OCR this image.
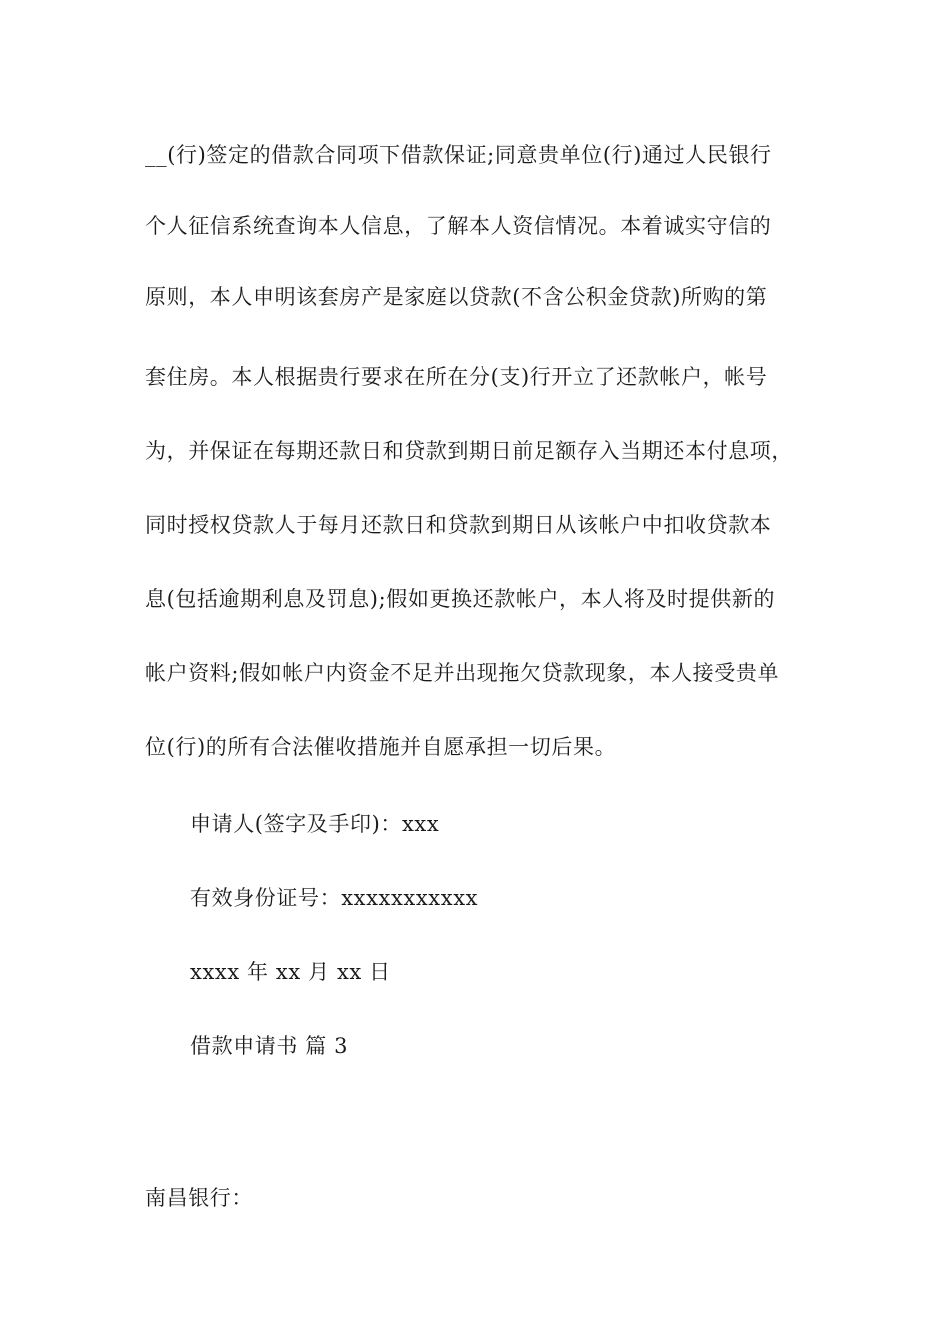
__(行)签定的借款合同项下借款保证;同意贵单位(行)通过人民银行
个人征信系统查询本人信息，了解本人资信情况。本着诚实守信的
原则，本人申明该套房产是家庭以贷款(不含公积金贷款)所购的第
套住房。本人根据贵行要求在所在分(支)行开立了还款帐户，帐号
为，并保证在每期还款日和贷款到期日前足额存入当期还本付息项，
同时授权贷款人于每月还款日和贷款到期日从该帐户中扣收贷款本
息(包括逾期利息及罚息);假如更换还款帐户，本人将及时提供新的
帐户资料;假如帐户内资金不足并出现拖欠贷款现象，本人接受贵单
位(行)的所有合法催收措施并自愿承担一切后果。
申请人(签字及手印)：xxx
有效身份证号：xxxxxxxxxxx
xxxx 年 xx 月 xx 日
借款申请书 篇 3
南昌银行：
